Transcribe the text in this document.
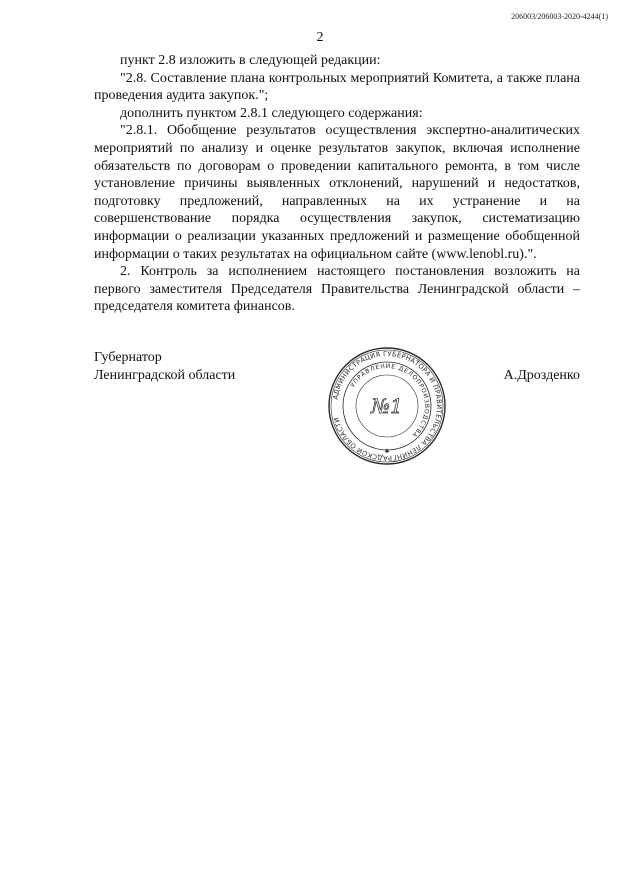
206003/206003-2020-4244(1)
2

пункт 2.8 изложить в следующей редакции:

"2.8. Составление плана контрольных мероприятий Комитета, а также плана проведения аудита закупок.";

дополнить пунктом 2.8.1 следующего содержания:

"2.8.1. Обобщение результатов осуществления экспертно-аналитических мероприятий по анализу и оценке результатов закупок, включая исполнение обязательств по договорам о проведении капитального ремонта, в том числе установление причины выявленных отклонений, нарушений и недостатков, подготовку предложений, направленных на их устранение и на совершенствование порядка осуществления закупок, систематизацию информации о реализации указанных предложений и размещение обобщенной информации о таких результатах на официальном сайте (www.lenobl.ru).".

2. Контроль за исполнением настоящего постановления возложить на первого заместителя Председателя Правительства Ленинградской области – председателя комитета финансов.

Губернатор
Ленинградской области
АДМИНИСТРАЦИЯ ГУБЕРНАТОРА И ПРАВИТЕЛЬСТВА ЛЕНИНГРАДСКОЙ ОБЛАСТИ
УПРАВЛЕНИЕ ДЕЛОПРОИЗВОДСТВА
№1
✱
А.Дрозденко
